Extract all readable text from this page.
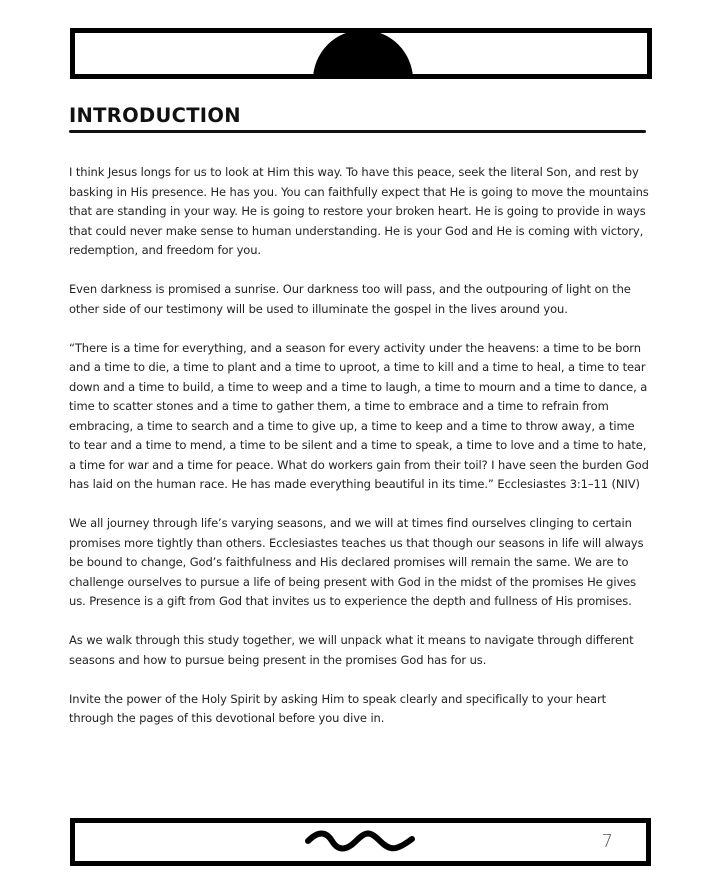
INTRODUCTION

I think Jesus longs for us to look at Him this way. To have this peace, seek the literal Son, and rest by basking in His presence. He has you. You can faithfully expect that He is going to move the mountains that are standing in your way. He is going to restore your broken heart. He is going to provide in ways that could never make sense to human understanding. He is your God and He is coming with victory, redemption, and freedom for you.

Even darkness is promised a sunrise. Our darkness too will pass, and the outpouring of light on the other side of our testimony will be used to illuminate the gospel in the lives around you.

“There is a time for everything, and a season for every activity under the heavens: a time to be born and a time to die, a time to plant and a time to uproot, a time to kill and a time to heal, a time to tear down and a time to build, a time to weep and a time to laugh, a time to mourn and a time to dance, a time to scatter stones and a time to gather them, a time to embrace and a time to refrain from embracing, a time to search and a time to give up, a time to keep and a time to throw away, a time to tear and a time to mend, a time to be silent and a time to speak, a time to love and a time to hate, a time for war and a time for peace. What do workers gain from their toil? I have seen the burden God has laid on the human race. He has made everything beautiful in its time.” Ecclesiastes 3:1–11 (NIV)

We all journey through life’s varying seasons, and we will at times find ourselves clinging to certain promises more tightly than others. Ecclesiastes teaches us that though our seasons in life will always be bound to change, God’s faithfulness and His declared promises will remain the same. We are to challenge ourselves to pursue a life of being present with God in the midst of the promises He gives us. Presence is a gift from God that invites us to experience the depth and fullness of His promises.

As we walk through this study together, we will unpack what it means to navigate through different seasons and how to pursue being present in the promises God has for us.

Invite the power of the Holy Spirit by asking Him to speak clearly and specifically to your heart through the pages of this devotional before you dive in.

7
